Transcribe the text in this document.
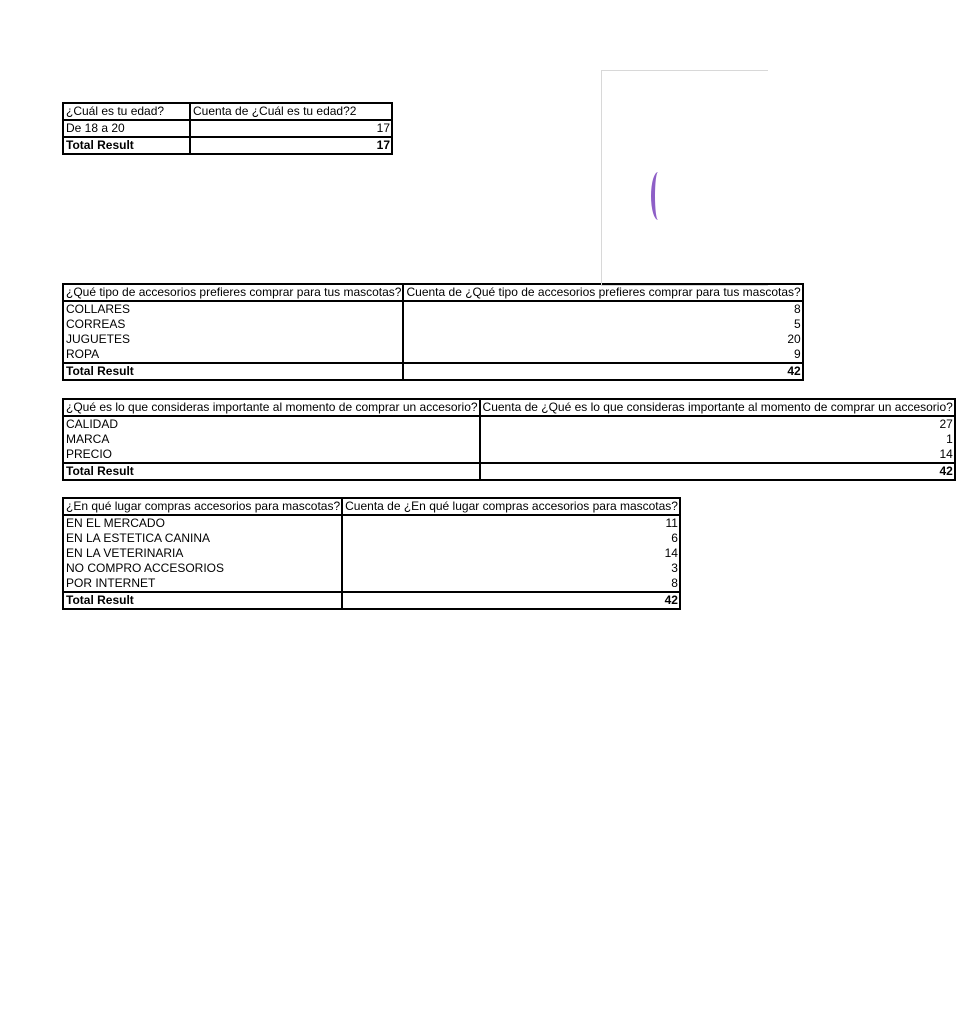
¿Cuál es tu edad?	Cuenta de ¿Cuál es tu edad?2

De 18 a 20	17
Total Result	17
¿Qué tipo de accesorios prefieres comprar para tus mascotas?	Cuenta de ¿Qué tipo de accesorios prefieres comprar para tus mascotas?

COLLARES	8

CORREAS	5

JUGUETES	20

ROPA	9
Total Result	42
¿Qué es lo que consideras importante al momento de comprar un accesorio?	Cuenta de ¿Qué es lo que consideras importante al momento de comprar un accesorio?

CALIDAD	27

MARCA	1

PRECIO	14
Total Result	42
¿En qué lugar compras accesorios para mascotas?	Cuenta de ¿En qué lugar compras accesorios para mascotas?

EN EL MERCADO	11

EN LA ESTETICA CANINA	6

EN LA VETERINARIA	14

NO COMPRO ACCESORIOS	3

POR INTERNET	8
Total Result	42
